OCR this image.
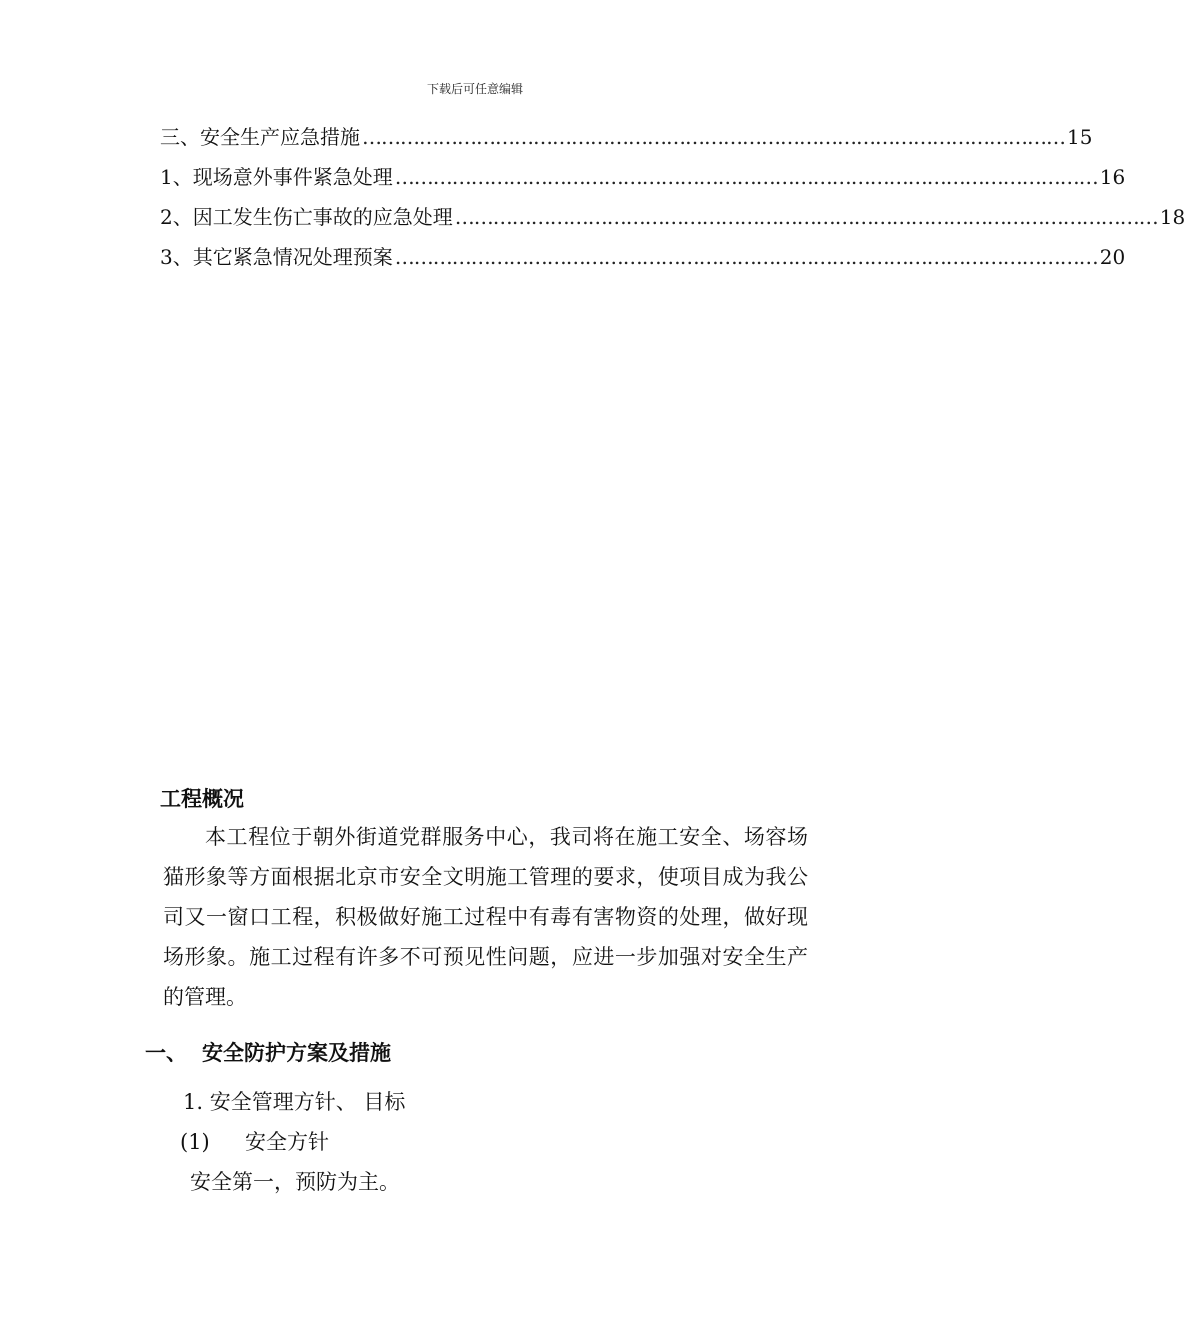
下载后可任意编辑
三、 安全生产应急措施 ………………………………………………………………………………………………… 15
1、 现场意外事件紧急处理 ………………………………………………………………………………………………… 16
2、 因工发生伤亡事故的应急处理 ………………………………………………………………………………………………… 18
3、 其它紧急情况处理预案 ………………………………………………………………………………………………… 20
工程概况
本工程位于朝外街道党群服务中心，我司将在施工安全、场容场猫形象等方面根据北京市安全文明施工管理的要求，使项目成为我公司又一窗口工程，积极做好施工过程中有毒有害物资的处理，做好现场形象。施工过程有许多不可预见性问题，应进一步加强对安全生产的管理。
一、 安全防护方案及措施
1. 安全管理方针、 目标
(1) 安全方针
安全第一，预防为主。
